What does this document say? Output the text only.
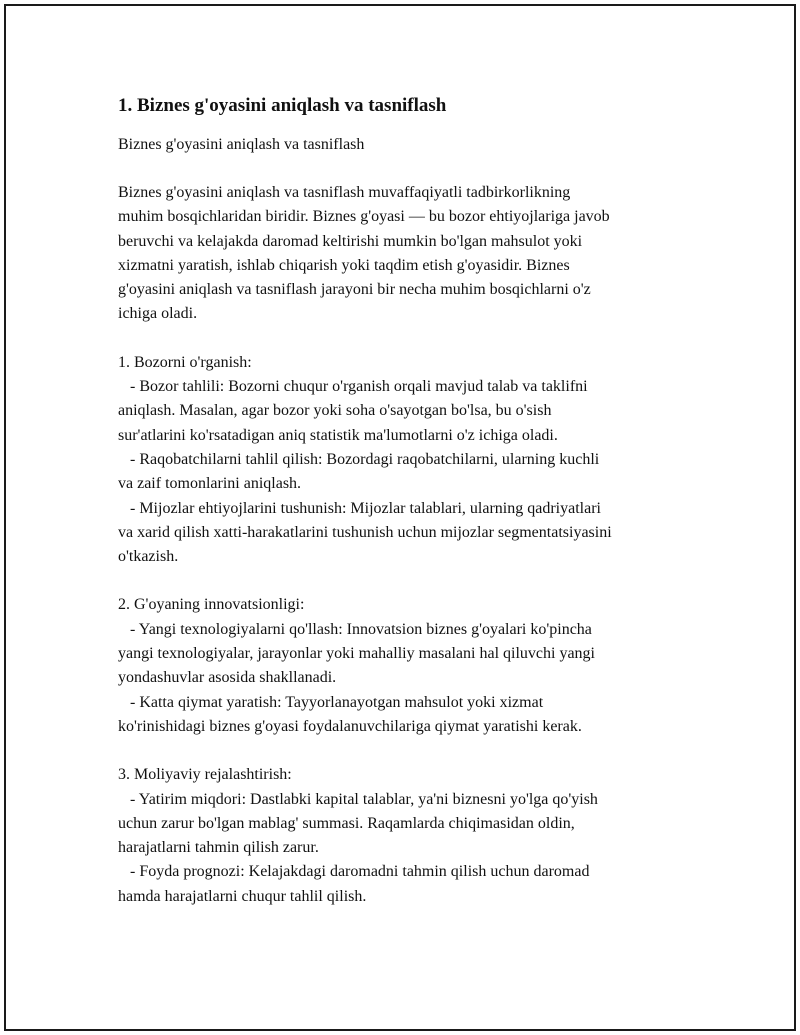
1. Biznes g'oyasini aniqlash va tasniflash

Biznes g'oyasini aniqlash va tasniflash

Biznes g'oyasini aniqlash va tasniflash muvaffaqiyatli tadbirkorlikning
muhim bosqichlaridan biridir. Biznes g'oyasi — bu bozor ehtiyojlariga javob
beruvchi va kelajakda daromad keltirishi mumkin bo'lgan mahsulot yoki
xizmatni yaratish, ishlab chiqarish yoki taqdim etish g'oyasidir. Biznes
g'oyasini aniqlash va tasniflash jarayoni bir necha muhim bosqichlarni o'z
ichiga oladi.
1. Bozorni o'rganish:
- Bozor tahlili: Bozorni chuqur o'rganish orqali mavjud talab va taklifni
aniqlash. Masalan, agar bozor yoki soha o'sayotgan bo'lsa, bu o'sish
sur'atlarini ko'rsatadigan aniq statistik ma'lumotlarni o'z ichiga oladi.
- Raqobatchilarni tahlil qilish: Bozordagi raqobatchilarni, ularning kuchli
va zaif tomonlarini aniqlash.
- Mijozlar ehtiyojlarini tushunish: Mijozlar talablari, ularning qadriyatlari
va xarid qilish xatti-harakatlarini tushunish uchun mijozlar segmentatsiyasini
o'tkazish.
2. G'oyaning innovatsionligi:
- Yangi texnologiyalarni qo'llash: Innovatsion biznes g'oyalari ko'pincha
yangi texnologiyalar, jarayonlar yoki mahalliy masalani hal qiluvchi yangi
yondashuvlar asosida shakllanadi.
- Katta qiymat yaratish: Tayyorlanayotgan mahsulot yoki xizmat
ko'rinishidagi biznes g'oyasi foydalanuvchilariga qiymat yaratishi kerak.
3. Moliyaviy rejalashtirish:
- Yatirim miqdori: Dastlabki kapital talablar, ya'ni biznesni yo'lga qo'yish
uchun zarur bo'lgan mablag' summasi. Raqamlarda chiqimasidan oldin,
harajatlarni tahmin qilish zarur.
- Foyda prognozi: Kelajakdagi daromadni tahmin qilish uchun daromad
hamda harajatlarni chuqur tahlil qilish.
